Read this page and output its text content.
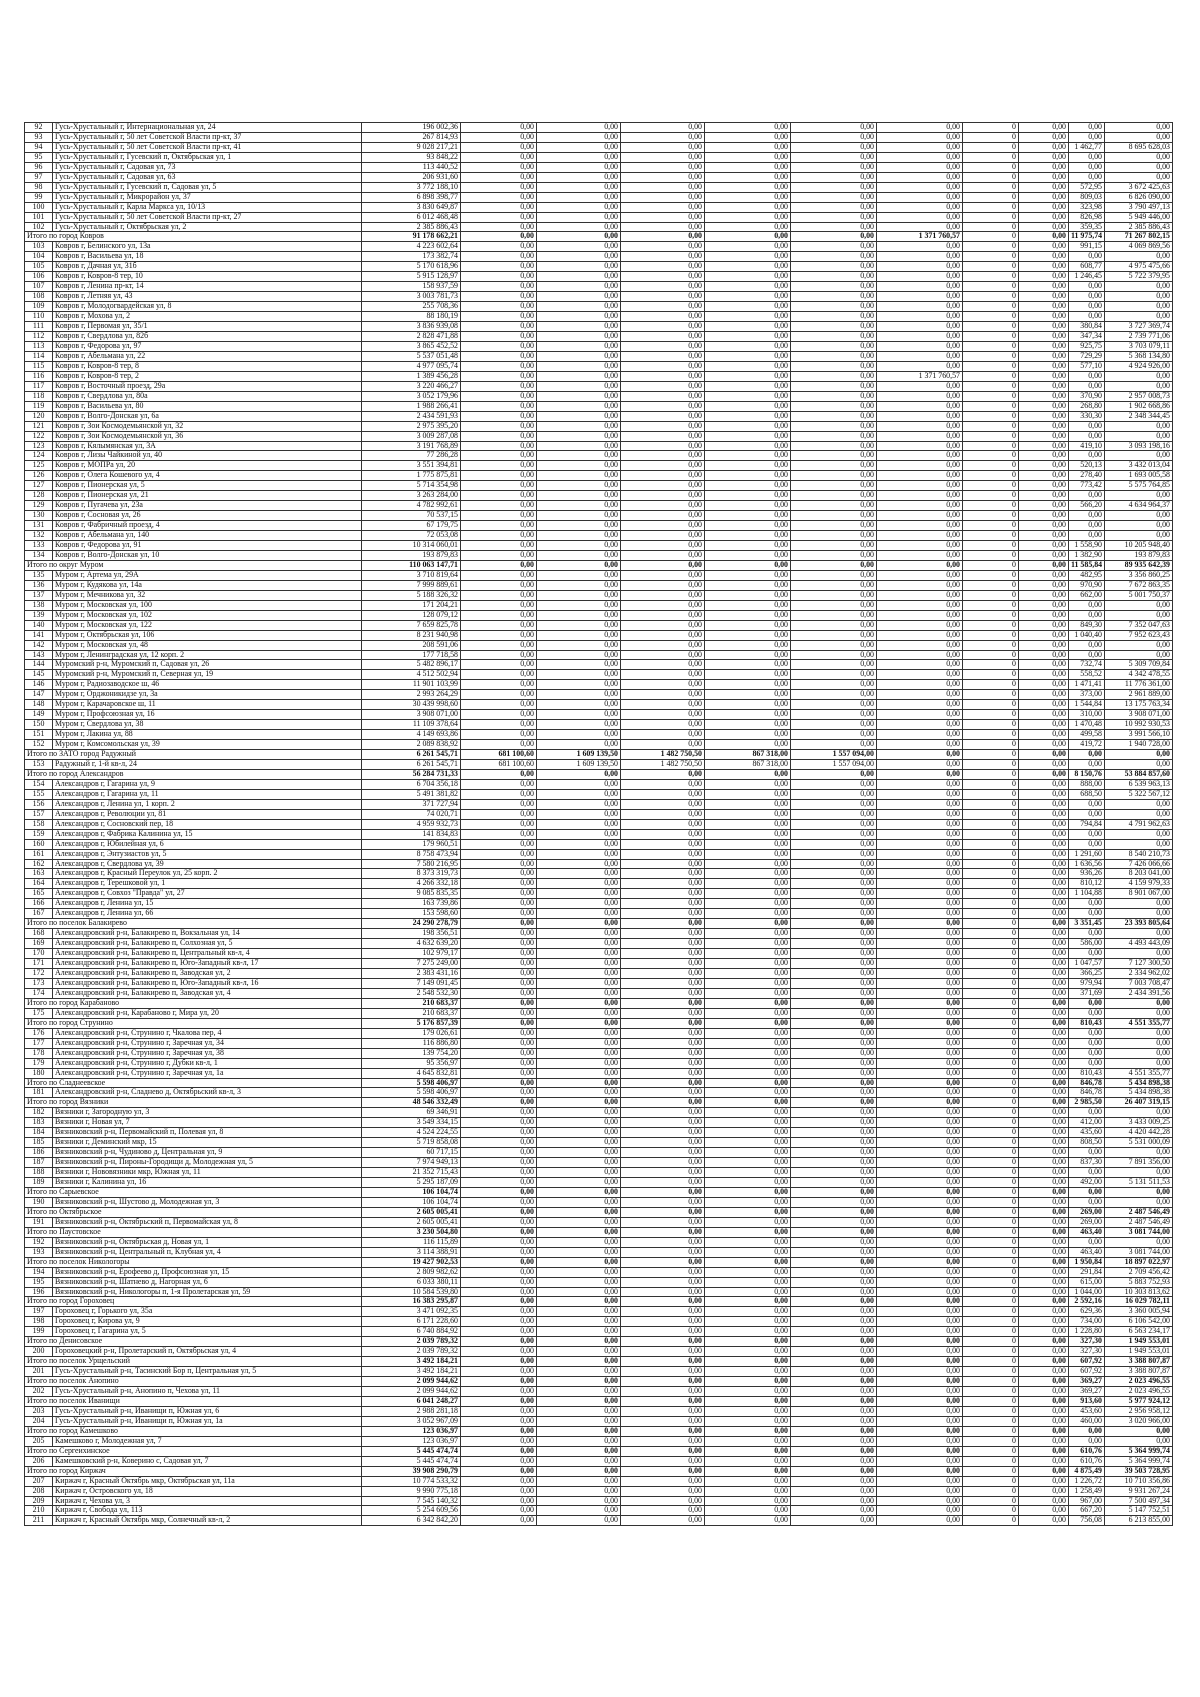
92	Гусь-Хрустальный г, Интернациональная ул, 24	196 002,36	0,00	0,00	0,00	0,00	0,00	0,00	0	0,00	0,00	0,00
93	Гусь-Хрустальный г, 50 лет Советской Власти пр-кт, 37	267 814,93	0,00	0,00	0,00	0,00	0,00	0,00	0	0,00	0,00	0,00
94	Гусь-Хрустальный г, 50 лет Советской Власти пр-кт, 41	9 028 217,21	0,00	0,00	0,00	0,00	0,00	0,00	0	0,00	1 462,77	8 695 628,03
95	Гусь-Хрустальный г, Гусевский п, Октябрьская ул, 1	93 848,22	0,00	0,00	0,00	0,00	0,00	0,00	0	0,00	0,00	0,00
96	Гусь-Хрустальный г, Садовая ул, 73	113 440,52	0,00	0,00	0,00	0,00	0,00	0,00	0	0,00	0,00	0,00
97	Гусь-Хрустальный г, Садовая ул, 63	206 931,60	0,00	0,00	0,00	0,00	0,00	0,00	0	0,00	0,00	0,00
98	Гусь-Хрустальный г, Гусевский п, Садовая ул, 5	3 772 188,10	0,00	0,00	0,00	0,00	0,00	0,00	0	0,00	572,95	3 672 425,63
99	Гусь-Хрустальный г, Микрорайон ул, 37	6 898 398,77	0,00	0,00	0,00	0,00	0,00	0,00	0	0,00	809,03	6 826 090,00
100	Гусь-Хрустальный г, Карла Маркса ул, 10/13	3 830 649,87	0,00	0,00	0,00	0,00	0,00	0,00	0	0,00	323,98	3 790 497,13
101	Гусь-Хрустальный г, 50 лет Советской Власти пр-кт, 27	6 012 468,48	0,00	0,00	0,00	0,00	0,00	0,00	0	0,00	826,98	5 949 446,00
102	Гусь-Хрустальный г, Октябрьская ул, 2	2 385 886,43	0,00	0,00	0,00	0,00	0,00	0,00	0	0,00	359,35	2 385 886,43
Итого по город Ковров		91 178 662,21	0,00	0,00	0,00	0,00	0,00	1 371 760,57	0	0,00	11 975,74	71 267 802,15
103	Ковров г, Белинского ул, 13а	4 223 602,64	0,00	0,00	0,00	0,00	0,00	0,00	0	0,00	991,15	4 069 869,56
104	Ковров г, Васильева ул, 18	173 382,74	0,00	0,00	0,00	0,00	0,00	0,00	0	0,00	0,00	0,00
105	Ковров г, Дачная ул, 31б	5 170 618,96	0,00	0,00	0,00	0,00	0,00	0,00	0	0,00	608,77	4 975 475,66
106	Ковров г, Ковров-8 тер, 10	5 915 128,97	0,00	0,00	0,00	0,00	0,00	0,00	0	0,00	1 246,45	5 722 379,95
107	Ковров г, Ленина пр-кт, 14	158 937,59	0,00	0,00	0,00	0,00	0,00	0,00	0	0,00	0,00	0,00
108	Ковров г, Летняя ул, 43	3 003 781,73	0,00	0,00	0,00	0,00	0,00	0,00	0	0,00	0,00	0,00
109	Ковров г, Молодогвардейская ул, 8	255 708,36	0,00	0,00	0,00	0,00	0,00	0,00	0	0,00	0,00	0,00
110	Ковров г, Мохова ул, 2	88 180,19	0,00	0,00	0,00	0,00	0,00	0,00	0	0,00	0,00	0,00
111	Ковров г, Первомая ул, 35/1	3 836 939,08	0,00	0,00	0,00	0,00	0,00	0,00	0	0,00	380,84	3 727 369,74
112	Ковров г, Свердлова ул, 82б	2 828 471,88	0,00	0,00	0,00	0,00	0,00	0,00	0	0,00	347,34	2 739 771,06
113	Ковров г, Федорова ул, 97	3 865 452,52	0,00	0,00	0,00	0,00	0,00	0,00	0	0,00	925,75	3 703 079,11
114	Ковров г, Абельмана ул, 22	5 537 051,48	0,00	0,00	0,00	0,00	0,00	0,00	0	0,00	729,29	5 368 134,80
115	Ковров г, Ковров-8 тер, 8	4 977 095,74	0,00	0,00	0,00	0,00	0,00	0,00	0	0,00	577,10	4 924 926,00
116	Ковров г, Ковров-8 тер, 2	1 389 456,28	0,00	0,00	0,00	0,00	0,00	1 371 760,57	0	0,00	0,00	0,00
117	Ковров г, Восточный проезд, 29а	3 220 466,27	0,00	0,00	0,00	0,00	0,00	0,00	0	0,00	0,00	0,00
118	Ковров г, Свердлова ул, 80а	3 052 179,96	0,00	0,00	0,00	0,00	0,00	0,00	0	0,00	370,90	2 957 008,73
119	Ковров г, Васильева ул, 80	1 988 266,41	0,00	0,00	0,00	0,00	0,00	0,00	0	0,00	268,80	1 902 668,86
120	Ковров г, Волго-Донская ул, 6а	2 434 591,93	0,00	0,00	0,00	0,00	0,00	0,00	0	0,00	330,30	2 348 344,45
121	Ковров г, Зои Космодемьянской ул, 32	2 975 395,20	0,00	0,00	0,00	0,00	0,00	0,00	0	0,00	0,00	0,00
122	Ковров г, Зои Космодемьянской ул, 36	3 009 287,08	0,00	0,00	0,00	0,00	0,00	0,00	0	0,00	0,00	0,00
123	Ковров г, Кялымянская ул, 3А	3 191 768,89	0,00	0,00	0,00	0,00	0,00	0,00	0	0,00	419,10	3 093 198,16
124	Ковров г, Лизы Чайкиной ул, 40	77 286,28	0,00	0,00	0,00	0,00	0,00	0,00	0	0,00	0,00	0,00
125	Ковров г, МОПРа ул, 20	3 551 394,81	0,00	0,00	0,00	0,00	0,00	0,00	0	0,00	520,13	3 432 013,04
126	Ковров г, Олега Кошевого ул, 4	1 775 875,81	0,00	0,00	0,00	0,00	0,00	0,00	0	0,00	278,40	1 693 005,58
127	Ковров г, Пионерская ул, 5	5 714 354,98	0,00	0,00	0,00	0,00	0,00	0,00	0	0,00	773,42	5 575 764,85
128	Ковров г, Пионерская ул, 21	3 263 284,00	0,00	0,00	0,00	0,00	0,00	0,00	0	0,00	0,00	0,00
129	Ковров г, Пугачева ул, 23а	4 782 992,61	0,00	0,00	0,00	0,00	0,00	0,00	0	0,00	566,20	4 634 964,37
130	Ковров г, Сосновая ул, 26	70 537,15	0,00	0,00	0,00	0,00	0,00	0,00	0	0,00	0,00	0,00
131	Ковров г, Фабричный проезд, 4	67 179,75	0,00	0,00	0,00	0,00	0,00	0,00	0	0,00	0,00	0,00
132	Ковров г, Абельмана ул, 140	72 053,08	0,00	0,00	0,00	0,00	0,00	0,00	0	0,00	0,00	0,00
133	Ковров г, Федорова ул, 91	10 314 060,01	0,00	0,00	0,00	0,00	0,00	0,00	0	0,00	1 558,90	10 205 948,40
134	Ковров г, Волго-Донская ул, 10	193 879,83	0,00	0,00	0,00	0,00	0,00	0,00	0	0,00	1 382,90	193 879,83
Итого по округ Муром		110 063 147,71	0,00	0,00	0,00	0,00	0,00	0,00	0	0,00	11 585,84	89 935 642,39
135	Муром г, Артема ул, 29А	3 710 819,64	0,00	0,00	0,00	0,00	0,00	0,00	0	0,00	482,95	3 356 860,25
136	Муром г, Кудякова ул, 14а	7 999 889,61	0,00	0,00	0,00	0,00	0,00	0,00	0	0,00	970,90	7 672 863,35
137	Муром г, Мечникова ул, 32	5 188 326,32	0,00	0,00	0,00	0,00	0,00	0,00	0	0,00	662,00	5 001 750,37
138	Муром г, Московская ул, 100	171 204,21	0,00	0,00	0,00	0,00	0,00	0,00	0	0,00	0,00	0,00
139	Муром г, Московская ул, 102	128 079,12	0,00	0,00	0,00	0,00	0,00	0,00	0	0,00	0,00	0,00
140	Муром г, Московская ул, 122	7 659 825,78	0,00	0,00	0,00	0,00	0,00	0,00	0	0,00	849,30	7 352 047,63
141	Муром г, Октябрьская ул, 106	8 231 940,98	0,00	0,00	0,00	0,00	0,00	0,00	0	0,00	1 040,40	7 952 623,43
142	Муром г, Московская ул, 48	208 591,06	0,00	0,00	0,00	0,00	0,00	0,00	0	0,00	0,00	0,00
143	Муром г, Ленинградская ул, 12 корп. 2	177 718,58	0,00	0,00	0,00	0,00	0,00	0,00	0	0,00	0,00	0,00
144	Муромский р-н, Муромский п, Садовая ул, 26	5 482 896,17	0,00	0,00	0,00	0,00	0,00	0,00	0	0,00	732,74	5 309 709,84
145	Муромский р-н, Муромский п, Северная ул, 19	4 512 502,94	0,00	0,00	0,00	0,00	0,00	0,00	0	0,00	558,52	4 342 478,55
146	Муром г, Радиозаводское ш, 46	11 901 103,99	0,00	0,00	0,00	0,00	0,00	0,00	0	0,00	1 471,41	11 776 361,00
147	Муром г, Орджоникидзе ул, 3а	2 993 264,29	0,00	0,00	0,00	0,00	0,00	0,00	0	0,00	373,00	2 961 889,00
148	Муром г, Карачаровское ш, 11	30 439 998,60	0,00	0,00	0,00	0,00	0,00	0,00	0	0,00	1 544,84	13 175 763,34
149	Муром г, Профсоюзная ул, 16	3 908 071,00	0,00	0,00	0,00	0,00	0,00	0,00	0	0,00	310,00	3 908 071,00
150	Муром г, Свердлова ул, 38	11 109 378,64	0,00	0,00	0,00	0,00	0,00	0,00	0	0,00	1 470,48	10 992 930,53
151	Муром г, Лакина ул, 88	4 149 693,86	0,00	0,00	0,00	0,00	0,00	0,00	0	0,00	499,58	3 991 566,10
152	Муром г, Комсомольская ул, 39	2 089 838,92	0,00	0,00	0,00	0,00	0,00	0,00	0	0,00	419,72	1 940 728,00
Итого по ЗАТО город Радужный		6 261 545,71	681 100,60	1 609 139,50	1 482 750,50	867 318,00	1 557 094,00	0,00	0	0,00	0,00	0,00
153	Радужный г, 1-й кв-л, 24	6 261 545,71	681 100,60	1 609 139,50	1 482 750,50	867 318,00	1 557 094,00	0,00	0	0,00	0,00	0,00
Итого по город Александров		56 284 731,33	0,00	0,00	0,00	0,00	0,00	0,00	0	0,00	8 150,76	53 884 857,60
154	Александров г, Гагарина ул, 9	6 704 356,18	0,00	0,00	0,00	0,00	0,00	0,00	0	0,00	888,00	6 539 963,13
155	Александров г, Гагарина ул, 11	5 491 381,82	0,00	0,00	0,00	0,00	0,00	0,00	0	0,00	688,50	5 322 567,12
156	Александров г, Ленина ул, 1 корп. 2	371 727,94	0,00	0,00	0,00	0,00	0,00	0,00	0	0,00	0,00	0,00
157	Александров г, Революции ул, 81	74 020,71	0,00	0,00	0,00	0,00	0,00	0,00	0	0,00	0,00	0,00
158	Александров г, Сосновский пер, 18	4 959 932,73	0,00	0,00	0,00	0,00	0,00	0,00	0	0,00	794,84	4 791 962,63
159	Александров г, Фабрика Калинина ул, 15	141 834,83	0,00	0,00	0,00	0,00	0,00	0,00	0	0,00	0,00	0,00
160	Александров г, Юбилейная ул, 6	179 960,51	0,00	0,00	0,00	0,00	0,00	0,00	0	0,00	0,00	0,00
161	Александров г, Энтузиастов ул, 5	8 758 473,94	0,00	0,00	0,00	0,00	0,00	0,00	0	0,00	1 291,60	8 540 210,73
162	Александров г, Свердлова ул, 39	7 580 216,95	0,00	0,00	0,00	0,00	0,00	0,00	0	0,00	1 636,56	7 426 066,66
163	Александров г, Красный Переулок ул, 25 корп. 2	8 373 319,73	0,00	0,00	0,00	0,00	0,00	0,00	0	0,00	936,26	8 203 041,00
164	Александров г, Терешковой ул, 1	4 266 332,18	0,00	0,00	0,00	0,00	0,00	0,00	0	0,00	810,12	4 159 979,33
165	Александров г, Совхоз "Правда" ул, 27	9 085 835,35	0,00	0,00	0,00	0,00	0,00	0,00	0	0,00	1 104,88	8 901 067,00
166	Александров г, Ленина ул, 15	163 739,86	0,00	0,00	0,00	0,00	0,00	0,00	0	0,00	0,00	0,00
167	Александров г, Ленина ул, 66	153 598,60	0,00	0,00	0,00	0,00	0,00	0,00	0	0,00	0,00	0,00
Итого по поселок Балакирево		24 290 278,79	0,00	0,00	0,00	0,00	0,00	0,00	0	0,00	3 351,45	23 393 805,64
168	Александровский р-н, Балакирево п, Вокзальная ул, 14	198 356,51	0,00	0,00	0,00	0,00	0,00	0,00	0	0,00	0,00	0,00
169	Александровский р-н, Балакирево п, Солхозная ул, 5	4 632 639,20	0,00	0,00	0,00	0,00	0,00	0,00	0	0,00	586,00	4 493 443,09
170	Александровский р-н, Балакирево п, Центральный кв-л, 4	102 979,17	0,00	0,00	0,00	0,00	0,00	0,00	0	0,00	0,00	0,00
171	Александровский р-н, Балакирево п, Юго-Западный кв-л, 17	7 275 249,00	0,00	0,00	0,00	0,00	0,00	0,00	0	0,00	1 047,57	7 127 300,50
172	Александровский р-н, Балакирево п, Заводская ул, 2	2 383 431,16	0,00	0,00	0,00	0,00	0,00	0,00	0	0,00	366,25	2 334 962,02
173	Александровский р-н, Балакирево п, Юго-Западный кв-л, 16	7 149 091,45	0,00	0,00	0,00	0,00	0,00	0,00	0	0,00	979,94	7 003 708,47
174	Александровский р-н, Балакирево п, Заводская ул, 4	2 548 532,30	0,00	0,00	0,00	0,00	0,00	0,00	0	0,00	371,69	2 434 391,56
Итого по город Карабаново		210 683,37	0,00	0,00	0,00	0,00	0,00	0,00	0	0,00	0,00	0,00
175	Александровский р-н, Карабаново г, Мира ул, 20	210 683,37	0,00	0,00	0,00	0,00	0,00	0,00	0	0,00	0,00	0,00
Итого по город Струнино		5 176 857,39	0,00	0,00	0,00	0,00	0,00	0,00	0	0,00	810,43	4 551 355,77
176	Александровский р-н, Струнино г, Чкалова пер, 4	179 026,61	0,00	0,00	0,00	0,00	0,00	0,00	0	0,00	0,00	0,00
177	Александровский р-н, Струнино г, Заречная ул, 34	116 886,80	0,00	0,00	0,00	0,00	0,00	0,00	0	0,00	0,00	0,00
178	Александровский р-н, Струнино г, Заречная ул, 38	139 754,20	0,00	0,00	0,00	0,00	0,00	0,00	0	0,00	0,00	0,00
179	Александровский р-н, Струнино г, Дубки кв-л, 1	95 356,97	0,00	0,00	0,00	0,00	0,00	0,00	0	0,00	0,00	0,00
180	Александровский р-н, Струнино г, Заречная ул, 1а	4 645 832,81	0,00	0,00	0,00	0,00	0,00	0,00	0	0,00	810,43	4 551 355,77
Итого по Сладнеевское		5 598 406,97	0,00	0,00	0,00	0,00	0,00	0,00	0	0,00	846,78	5 434 898,38
181	Александровский р-н, Сладнево д, Октябрьский кв-л, 3	5 598 406,97	0,00	0,00	0,00	0,00	0,00	0,00	0	0,00	846,78	5 434 898,38
Итого по город Вязники		48 546 332,49	0,00	0,00	0,00	0,00	0,00	0,00	0	0,00	2 985,50	26 407 319,15
182	Вязники г, Загородную ул, 3	69 346,91	0,00	0,00	0,00	0,00	0,00	0,00	0	0,00	0,00	0,00
183	Вязники г, Новая ул, 7	3 549 334,15	0,00	0,00	0,00	0,00	0,00	0,00	0	0,00	412,00	3 433 009,25
184	Вязниковский р-н, Первомайский п, Полевая ул, 8	4 524 224,55	0,00	0,00	0,00	0,00	0,00	0,00	0	0,00	435,60	4 420 442,28
185	Вязники г, Деминский мкр, 15	5 719 858,08	0,00	0,00	0,00	0,00	0,00	0,00	0	0,00	808,50	5 531 000,09
186	Вязниковский р-н, Чудиново д, Центральная ул, 9	60 717,15	0,00	0,00	0,00	0,00	0,00	0,00	0	0,00	0,00	0,00
187	Вязниковский р-н, Пироны-Городищи д, Молодежная ул, 5	7 974 949,13	0,00	0,00	0,00	0,00	0,00	0,00	0	0,00	837,30	7 891 356,00
188	Вязники г, Нововязники мкр, Южная ул, 11	21 352 715,43	0,00	0,00	0,00	0,00	0,00	0,00	0	0,00	0,00	0,00
189	Вязники г, Калинина ул, 16	5 295 187,09	0,00	0,00	0,00	0,00	0,00	0,00	0	0,00	492,00	5 131 511,53
Итого по Сарыевское		106 104,74	0,00	0,00	0,00	0,00	0,00	0,00	0	0,00	0,00	0,00
190	Вязниковский р-н, Шустово д, Молодежная ул, 3	106 104,74	0,00	0,00	0,00	0,00	0,00	0,00	0	0,00	0,00	0,00
Итого по Октябрьское		2 605 005,41	0,00	0,00	0,00	0,00	0,00	0,00	0	0,00	269,00	2 487 546,49
191	Вязниковский р-н, Октябрьский п, Первомайская ул, 8	2 605 005,41	0,00	0,00	0,00	0,00	0,00	0,00	0	0,00	269,00	2 487 546,49
Итого по Паустовское		3 230 504,80	0,00	0,00	0,00	0,00	0,00	0,00	0	0,00	463,40	3 081 744,00
192	Вязниковский р-н, Октябрьская д, Новая ул, 1	116 115,89	0,00	0,00	0,00	0,00	0,00	0,00	0	0,00	0,00	0,00
193	Вязниковский р-н, Центральный п, Клубная ул, 4	3 114 388,91	0,00	0,00	0,00	0,00	0,00	0,00	0	0,00	463,40	3 081 744,00
Итого по поселок Никологоры		19 427 902,53	0,00	0,00	0,00	0,00	0,00	0,00	0	0,00	1 950,84	18 897 022,97
194	Вязниковский р-н, Ерофеево д, Профсоюзная ул, 15	2 809 982,62	0,00	0,00	0,00	0,00	0,00	0,00	0	0,00	291,84	2 709 456,42
195	Вязниковский р-н, Шатнево д, Нагорная ул, 6	6 033 380,11	0,00	0,00	0,00	0,00	0,00	0,00	0	0,00	615,00	5 883 752,93
196	Вязниковский р-н, Никологоры п, 1-я Пролетарская ул, 59	10 584 539,80	0,00	0,00	0,00	0,00	0,00	0,00	0	0,00	1 044,00	10 303 813,62
Итого по город Гороховец		16 383 295,87	0,00	0,00	0,00	0,00	0,00	0,00	0	0,00	2 592,16	16 029 782,11
197	Гороховец г, Горького ул, 35а	3 471 092,35	0,00	0,00	0,00	0,00	0,00	0,00	0	0,00	629,36	3 360 005,94
198	Гороховец г, Кирова ул, 9	6 171 228,60	0,00	0,00	0,00	0,00	0,00	0,00	0	0,00	734,00	6 106 542,00
199	Гороховец г, Гагарина ул, 5	6 740 884,92	0,00	0,00	0,00	0,00	0,00	0,00	0	0,00	1 228,80	6 563 234,17
Итого по Денисовское		2 039 789,32	0,00	0,00	0,00	0,00	0,00	0,00	0	0,00	327,30	1 949 553,01
200	Гороховецкий р-н, Пролетарский п, Октябрьская ул, 4	2 039 789,32	0,00	0,00	0,00	0,00	0,00	0,00	0	0,00	327,30	1 949 553,01
Итого по поселок Урщельский		3 492 184,21	0,00	0,00	0,00	0,00	0,00	0,00	0	0,00	607,92	3 388 807,87
201	Гусь-Хрустальный р-н, Тасинский Бор п, Центральная ул, 5	3 492 184,21	0,00	0,00	0,00	0,00	0,00	0,00	0	0,00	607,92	3 388 807,87
Итого по поселок Анопино		2 099 944,62	0,00	0,00	0,00	0,00	0,00	0,00	0	0,00	369,27	2 023 496,55
202	Гусь-Хрустальный р-н, Анопино п, Чехова ул, 11	2 099 944,62	0,00	0,00	0,00	0,00	0,00	0,00	0	0,00	369,27	2 023 496,55
Итого по поселок Иванищи		6 041 248,27	0,00	0,00	0,00	0,00	0,00	0,00	0	0,00	913,60	5 977 924,12
203	Гусь-Хрустальный р-н, Иванищи п, Южная ул, 6	2 988 281,18	0,00	0,00	0,00	0,00	0,00	0,00	0	0,00	453,60	2 956 958,12
204	Гусь-Хрустальный р-н, Иванищи п, Южная ул, 1а	3 052 967,09	0,00	0,00	0,00	0,00	0,00	0,00	0	0,00	460,00	3 020 966,00
Итого по город Камешково		123 036,97	0,00	0,00	0,00	0,00	0,00	0,00	0	0,00	0,00	0,00
205	Камешково г, Молодежная ул, 7	123 036,97	0,00	0,00	0,00	0,00	0,00	0,00	0	0,00	0,00	0,00
Итого по Сергеихинское		5 445 474,74	0,00	0,00	0,00	0,00	0,00	0,00	0	0,00	610,76	5 364 999,74
206	Камешковский р-н, Коверино с, Садовая ул, 7	5 445 474,74	0,00	0,00	0,00	0,00	0,00	0,00	0	0,00	610,76	5 364 999,74
Итого по город Киржач		39 908 290,79	0,00	0,00	0,00	0,00	0,00	0,00	0	0,00	4 875,49	39 503 728,95
207	Киржач г, Красный Октябрь мкр, Октябрьская ул, 11а	10 774 533,32	0,00	0,00	0,00	0,00	0,00	0,00	0	0,00	1 226,72	10 710 356,86
208	Киржач г, Островского ул, 18	9 990 775,18	0,00	0,00	0,00	0,00	0,00	0,00	0	0,00	1 258,49	9 931 267,24
209	Киржач г, Чехова ул, 3	7 545 140,32	0,00	0,00	0,00	0,00	0,00	0,00	0	0,00	967,00	7 500 497,34
210	Киржач г, Свобода ул, 113	5 254 609,56	0,00	0,00	0,00	0,00	0,00	0,00	0	0,00	667,20	5 147 752,51
211	Киржач г, Красный Октябрь мкр, Солнечный кв-л, 2	6 342 842,20	0,00	0,00	0,00	0,00	0,00	0,00	0	0,00	756,08	6 213 855,00
